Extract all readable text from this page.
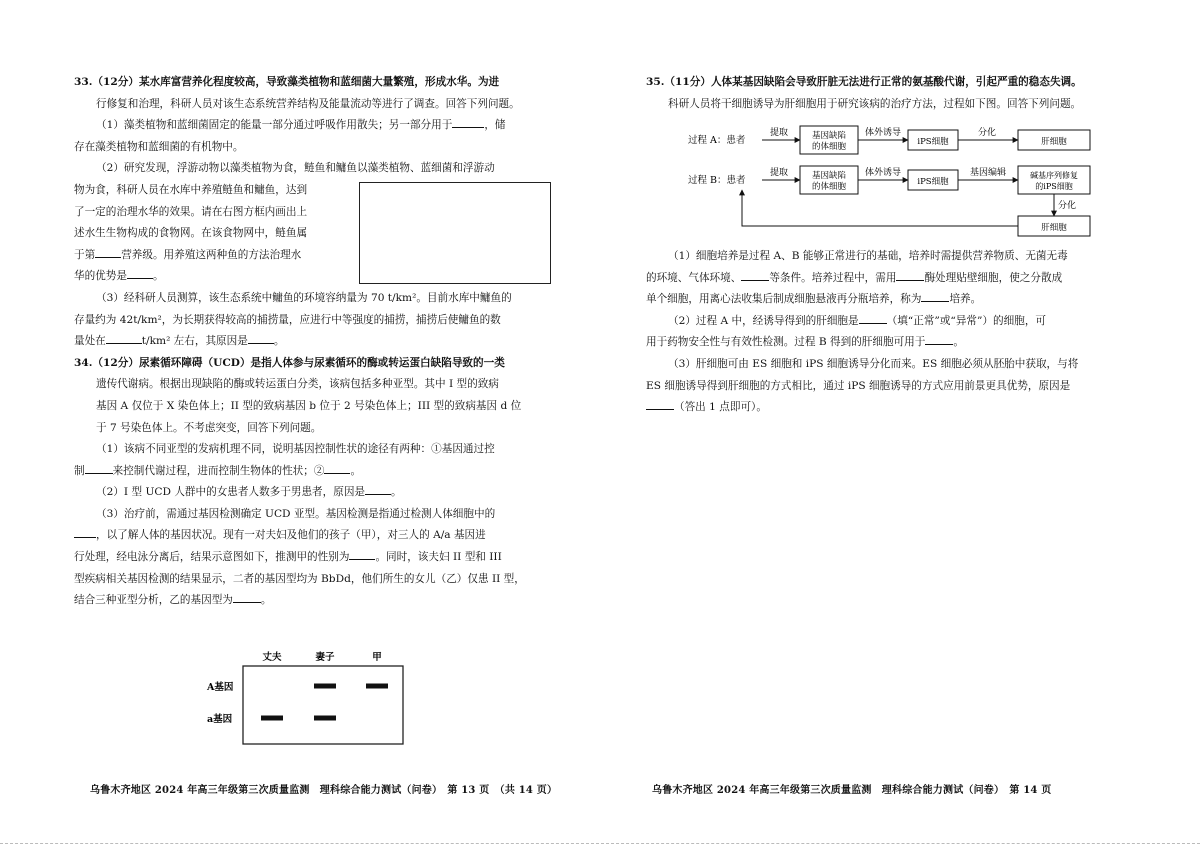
33.（12分）某水库富营养化程度较高，导致藻类植物和蓝细菌大量繁殖，形成水华。为进

行修复和治理，科研人员对该生态系统营养结构及能量流动等进行了调查。回答下列问题。

（1）藻类植物和蓝细菌固定的能量一部分通过呼吸作用散失；另一部分用于	，储

存在藻类植物和蓝细菌的有机物中。

（2）研究发现，浮游动物以藻类植物为食，鲢鱼和鳙鱼以藻类植物、蓝细菌和浮游动

物为食，科研人员在水库中养殖鲢鱼和鳙鱼，达到

了一定的治理水华的效果。请在右图方框内画出上

述水生生物构成的食物网。在该食物网中，鲢鱼属

于第 营养级。用养殖这两种鱼的方法治理水

华的优势是 。

（3）经科研人员测算，该生态系统中鳙鱼的环境容纳量为 70 t/km²。目前水库中鳙鱼的

存量约为 42t/km²，为长期获得较高的捕捞量，应进行中等强度的捕捞，捕捞后使鳙鱼的数

量处在	t/km² 左右，其原因是 。

34.（12分）尿素循环障碍（UCD）是指人体参与尿素循环的酶或转运蛋白缺陷导致的一类

遗传代谢病。根据出现缺陷的酶或转运蛋白分类，该病包括多种亚型。其中 I 型的致病

基因 A 仅位于 X 染色体上；II 型的致病基因 b 位于 2 号染色体上；III 型的致病基因 d 位

于 7 号染色体上。不考虑突变，回答下列问题。

（1）该病不同亚型的发病机理不同，说明基因控制性状的途径有两种：①基因通过控

制	来控制代谢过程，进而控制生物体的性状；② 。

（2）I 型 UCD 人群中的女患者人数多于男患者，原因是 。

（3）治疗前，需通过基因检测确定 UCD 亚型。基因检测是指通过检测人体细胞中的

，以了解人体的基因状况。现有一对夫妇及他们的孩子（甲），对三人的 A/a 基因进

行处理，经电泳分离后，结果示意图如下，推测甲的性别为 。同时，该夫妇 II 型和 III

型疾病相关基因检测的结果显示，二者的基因型均为 BbDd，他们所生的女儿（乙）仅患 II 型，

结合三种亚型分析，乙的基因型为	。

丈夫	妻子	甲
A基因
a基因
乌鲁木齐地区 2024 年高三年级第三次质量监测　理科综合能力测试（问卷）　第 13 页　（共 14 页）

35.（11分）人体某基因缺陷会导致肝脏无法进行正常的氨基酸代谢，引起严重的稳态失调。

科研人员将干细胞诱导为肝细胞用于研究该病的治疗方法，过程如下图。回答下列问题。

过程 A：患者
提取	基因缺陷
的体细胞
体外诱导
iPS细胞
分化
肝细胞
过程 B：患者
提取	基因缺陷
的体细胞
体外诱导
iPS细胞
基因编辑	碱基序列修复
的iPS细胞
分化
肝细胞

（1）细胞培养是过程 A、B 能够正常进行的基础，培养时需提供营养物质、无菌无毒

的环境、气体环境、	等条件。培养过程中，需用	酶处理贴壁细胞，使之分散成

单个细胞，用离心法收集后制成细胞悬液再分瓶培养，称为	培养。

（2）过程 A 中，经诱导得到的肝细胞是	（填“正常”或“异常”）的细胞，可

用于药物安全性与有效性检测。过程 B 得到的肝细胞可用于	。

（3）肝细胞可由 ES 细胞和 iPS 细胞诱导分化而来。ES 细胞必须从胚胎中获取，与将

ES 细胞诱导得到肝细胞的方式相比，通过 iPS 细胞诱导的方式应用前景更具优势，原因是

（答出 1 点即可）。

乌鲁木齐地区 2024 年高三年级第三次质量监测　理科综合能力测试（问卷）　第 14 页
